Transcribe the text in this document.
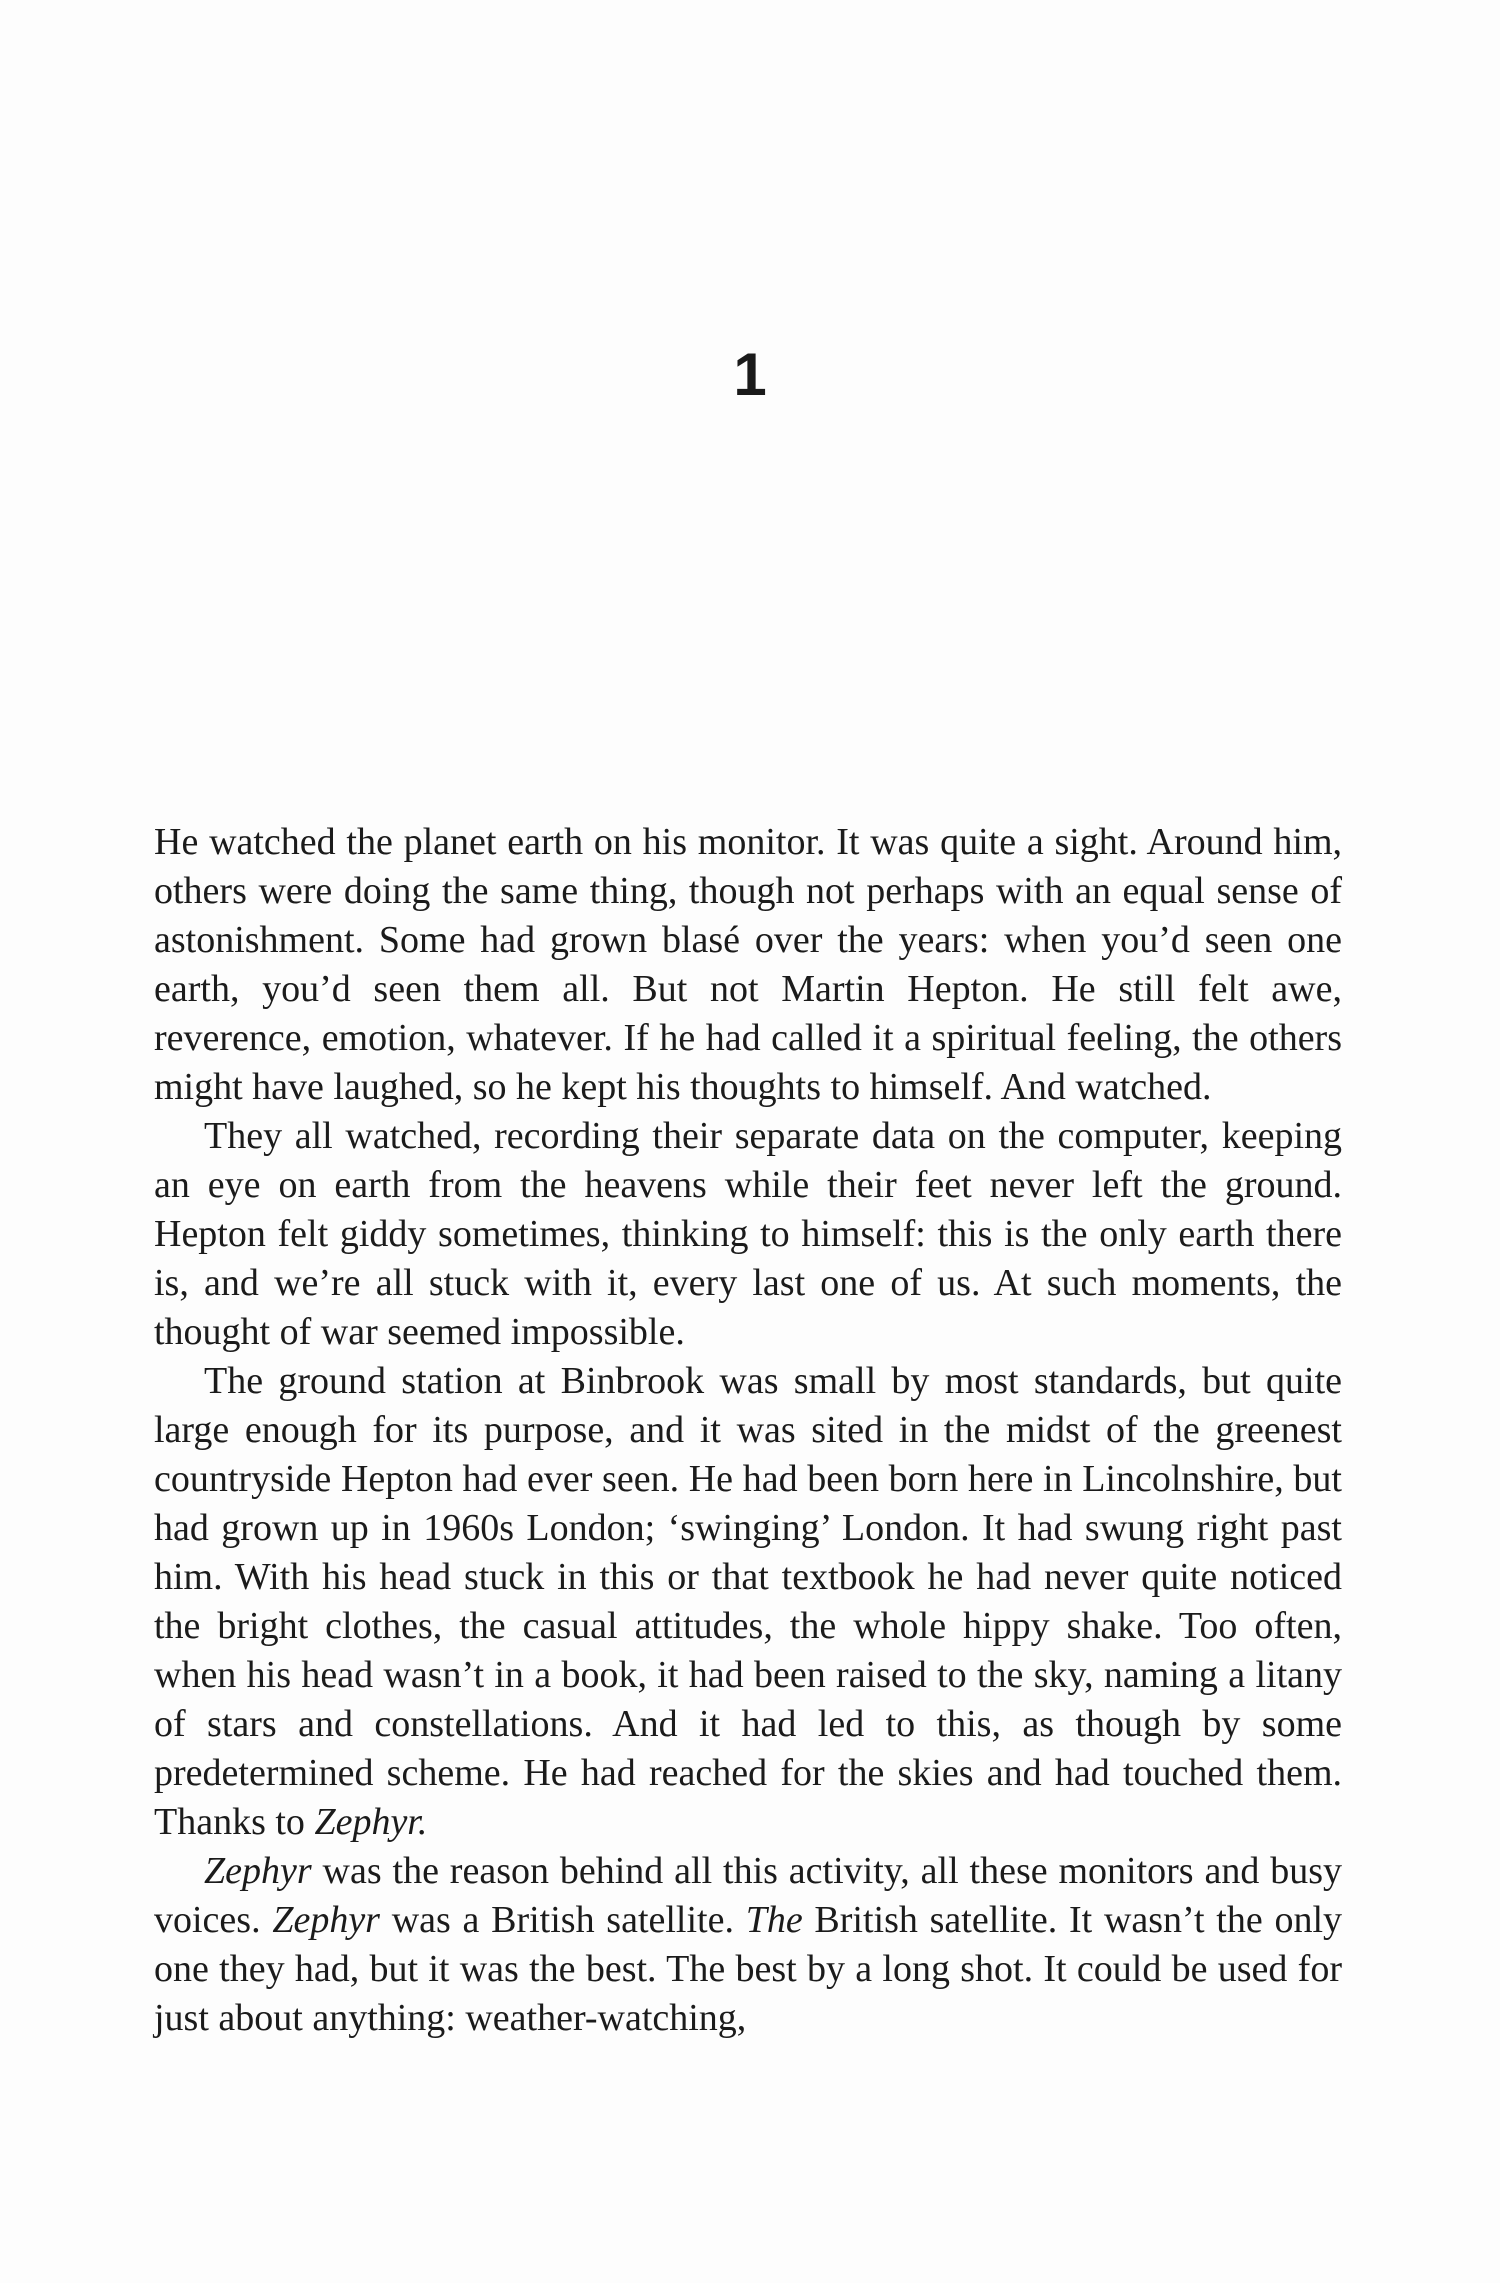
1

He watched the planet earth on his monitor. It was quite a sight. Around him, others were doing the same thing, though not perhaps with an equal sense of astonishment. Some had grown blasé over the years: when you’d seen one earth, you’d seen them all. But not Martin Hepton. He still felt awe, reverence, emotion, whatever. If he had called it a spiritual feeling, the others might have laughed, so he kept his thoughts to himself. And watched.

They all watched, recording their separate data on the computer, keeping an eye on earth from the heavens while their feet never left the ground. Hepton felt giddy sometimes, thinking to himself: this is the only earth there is, and we’re all stuck with it, every last one of us. At such moments, the thought of war seemed impossible.

The ground station at Binbrook was small by most standards, but quite large enough for its purpose, and it was sited in the midst of the greenest countryside Hepton had ever seen. He had been born here in Lincolnshire, but had grown up in 1960s London; ‘swinging’ London. It had swung right past him. With his head stuck in this or that textbook he had never quite noticed the bright clothes, the casual attitudes, the whole hippy shake. Too often, when his head wasn’t in a book, it had been raised to the sky, naming a litany of stars and constellations. And it had led to this, as though by some predetermined scheme. He had reached for the skies and had touched them. Thanks to Zephyr.

Zephyr was the reason behind all this activity, all these monitors and busy voices. Zephyr was a British satellite. The British satellite. It wasn’t the only one they had, but it was the best. The best by a long shot. It could be used for just about anything: weather-watching,
